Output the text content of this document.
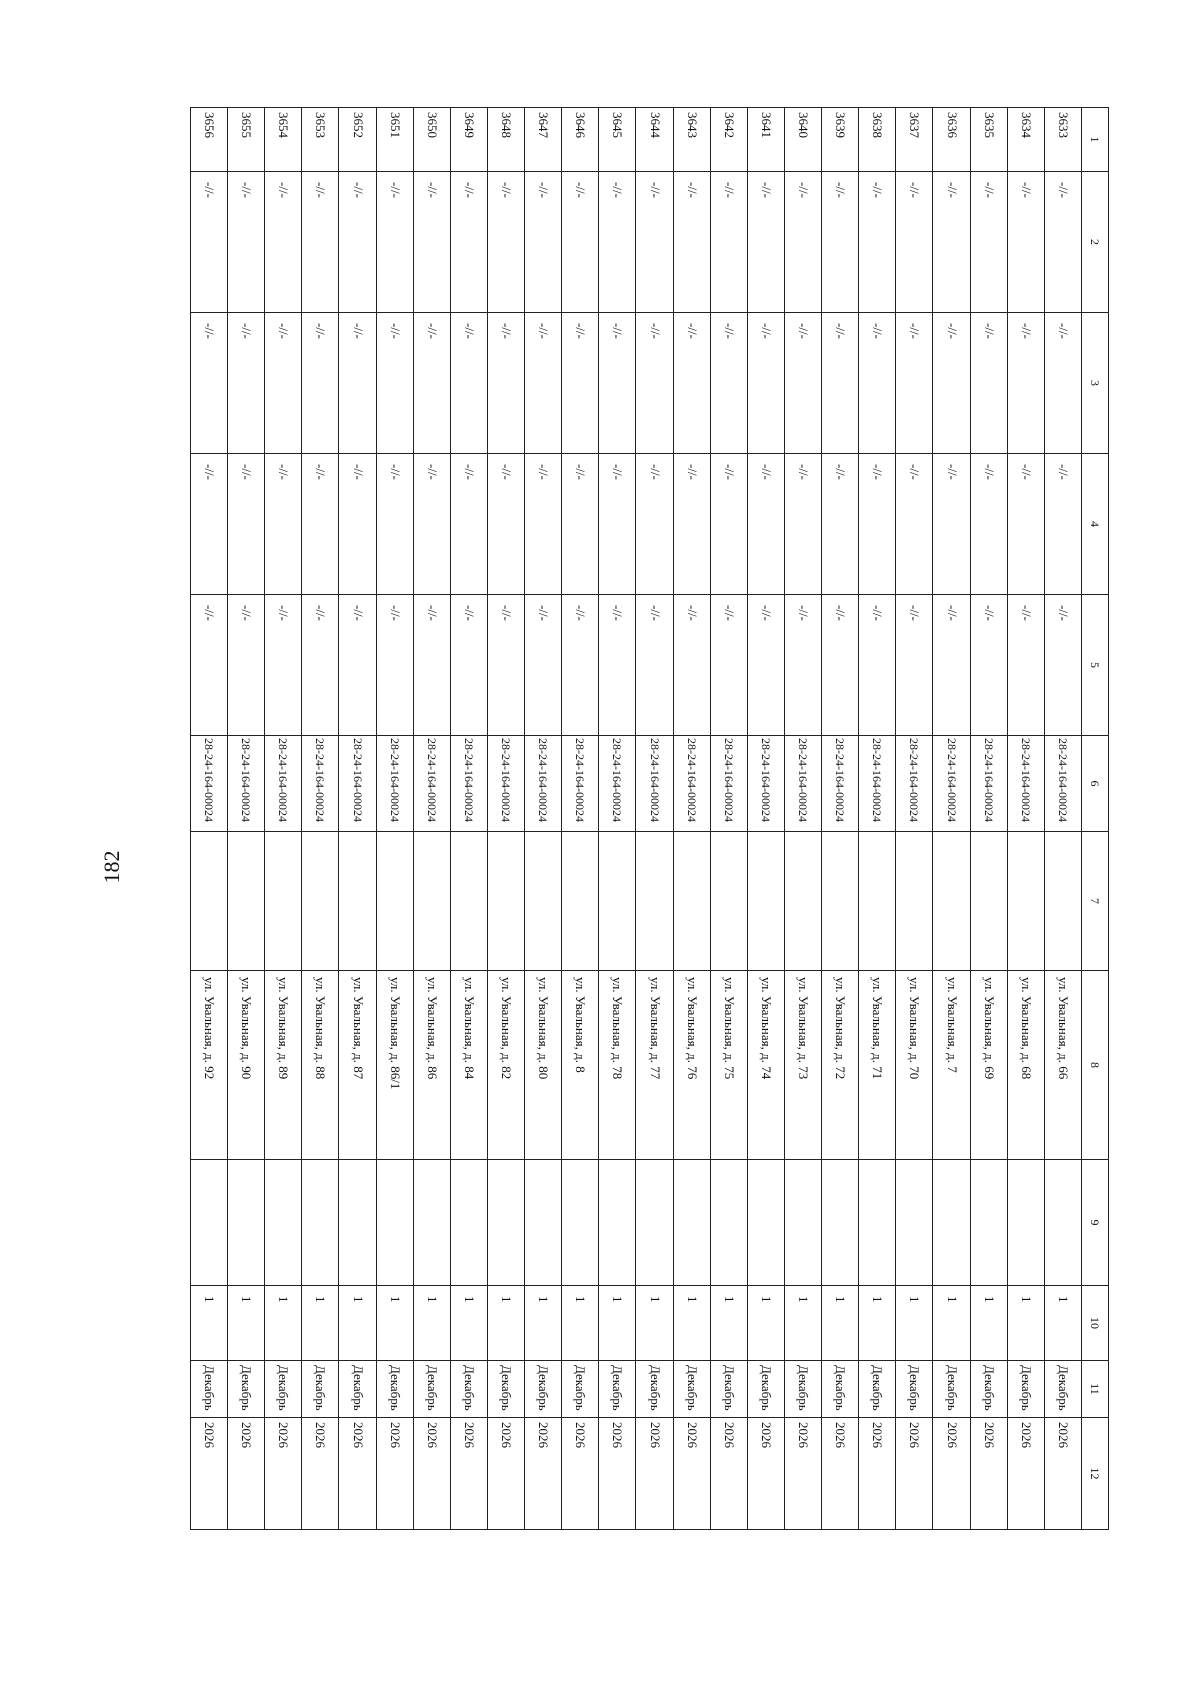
182
1	2	3	4	5	6	7	8	9	10	11	12
3633	-//-	-//-	-//-	-//-	28-24-164-00024		ул. Увальная, д. 66		1	Декабрь	2026
3634	-//-	-//-	-//-	-//-	28-24-164-00024		ул. Увальная, д. 68		1	Декабрь	2026
3635	-//-	-//-	-//-	-//-	28-24-164-00024		ул. Увальная, д. 69		1	Декабрь	2026
3636	-//-	-//-	-//-	-//-	28-24-164-00024		ул. Увальная, д. 7		1	Декабрь	2026
3637	-//-	-//-	-//-	-//-	28-24-164-00024		ул. Увальная, д. 70		1	Декабрь	2026
3638	-//-	-//-	-//-	-//-	28-24-164-00024		ул. Увальная, д. 71		1	Декабрь	2026
3639	-//-	-//-	-//-	-//-	28-24-164-00024		ул. Увальная, д. 72		1	Декабрь	2026
3640	-//-	-//-	-//-	-//-	28-24-164-00024		ул. Увальная, д. 73		1	Декабрь	2026
3641	-//-	-//-	-//-	-//-	28-24-164-00024		ул. Увальная, д. 74		1	Декабрь	2026
3642	-//-	-//-	-//-	-//-	28-24-164-00024		ул. Увальная, д. 75		1	Декабрь	2026
3643	-//-	-//-	-//-	-//-	28-24-164-00024		ул. Увальная, д. 76		1	Декабрь	2026
3644	-//-	-//-	-//-	-//-	28-24-164-00024		ул. Увальная, д. 77		1	Декабрь	2026
3645	-//-	-//-	-//-	-//-	28-24-164-00024		ул. Увальная, д. 78		1	Декабрь	2026
3646	-//-	-//-	-//-	-//-	28-24-164-00024		ул. Увальная, д. 8		1	Декабрь	2026
3647	-//-	-//-	-//-	-//-	28-24-164-00024		ул. Увальная, д. 80		1	Декабрь	2026
3648	-//-	-//-	-//-	-//-	28-24-164-00024		ул. Увальная, д. 82		1	Декабрь	2026
3649	-//-	-//-	-//-	-//-	28-24-164-00024		ул. Увальная, д. 84		1	Декабрь	2026
3650	-//-	-//-	-//-	-//-	28-24-164-00024		ул. Увальная, д. 86		1	Декабрь	2026
3651	-//-	-//-	-//-	-//-	28-24-164-00024		ул. Увальная, д. 86/1		1	Декабрь	2026
3652	-//-	-//-	-//-	-//-	28-24-164-00024		ул. Увальная, д. 87		1	Декабрь	2026
3653	-//-	-//-	-//-	-//-	28-24-164-00024		ул. Увальная, д. 88		1	Декабрь	2026
3654	-//-	-//-	-//-	-//-	28-24-164-00024		ул. Увальная, д. 89		1	Декабрь	2026
3655	-//-	-//-	-//-	-//-	28-24-164-00024		ул. Увальная, д. 90		1	Декабрь	2026
3656	-//-	-//-	-//-	-//-	28-24-164-00024		ул. Увальная, д. 92		1	Декабрь	2026
